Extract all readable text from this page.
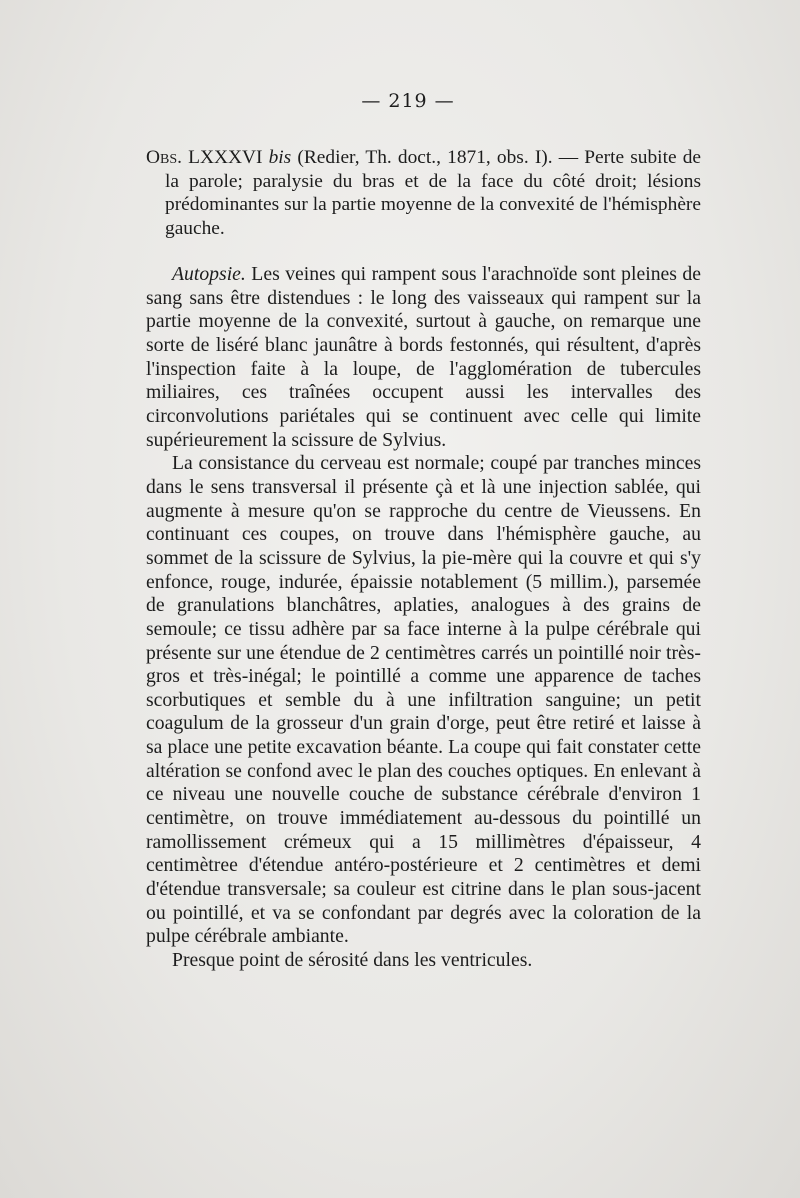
— 219 —

Obs. LXXXVI bis (Redier, Th. doct., 1871, obs. I). — Perte subite de la parole; paralysie du bras et de la face du côté droit; lésions prédominantes sur la partie moyenne de la convexité de l'hémisphère gauche.

Autopsie. Les veines qui rampent sous l'arachnoïde sont pleines de sang sans être distendues : le long des vaisseaux qui rampent sur la partie moyenne de la convexité, surtout à gauche, on remarque une sorte de liséré blanc jaunâtre à bords festonnés, qui résultent, d'après l'inspection faite à la loupe, de l'agglomération de tubercules miliaires, ces traînées occupent aussi les intervalles des circonvolutions pariétales qui se continuent avec celle qui limite supérieurement la scissure de Sylvius.

La consistance du cerveau est normale; coupé par tranches minces dans le sens transversal il présente çà et là une injection sablée, qui augmente à mesure qu'on se rapproche du centre de Vieussens. En continuant ces coupes, on trouve dans l'hémisphère gauche, au sommet de la scissure de Sylvius, la pie-mère qui la couvre et qui s'y enfonce, rouge, indurée, épaissie notablement (5 millim.), parsemée de granulations blanchâtres, aplaties, analogues à des grains de semoule; ce tissu adhère par sa face interne à la pulpe cérébrale qui présente sur une étendue de 2 centimètres carrés un pointillé noir très-gros et très-inégal; le pointillé a comme une apparence de taches scorbutiques et semble du à une infiltration sanguine; un petit coagulum de la grosseur d'un grain d'orge, peut être retiré et laisse à sa place une petite excavation béante. La coupe qui fait constater cette altération se confond avec le plan des couches optiques. En enlevant à ce niveau une nouvelle couche de substance cérébrale d'environ 1 centimètre, on trouve immédiatement au-dessous du pointillé un ramollissement crémeux qui a 15 millimètres d'épaisseur, 4 centimètree d'étendue antéro-postérieure et 2 centimètres et demi d'étendue transversale; sa couleur est citrine dans le plan sous-jacent ou pointillé, et va se confondant par degrés avec la coloration de la pulpe cérébrale ambiante.

Presque point de sérosité dans les ventricules.
